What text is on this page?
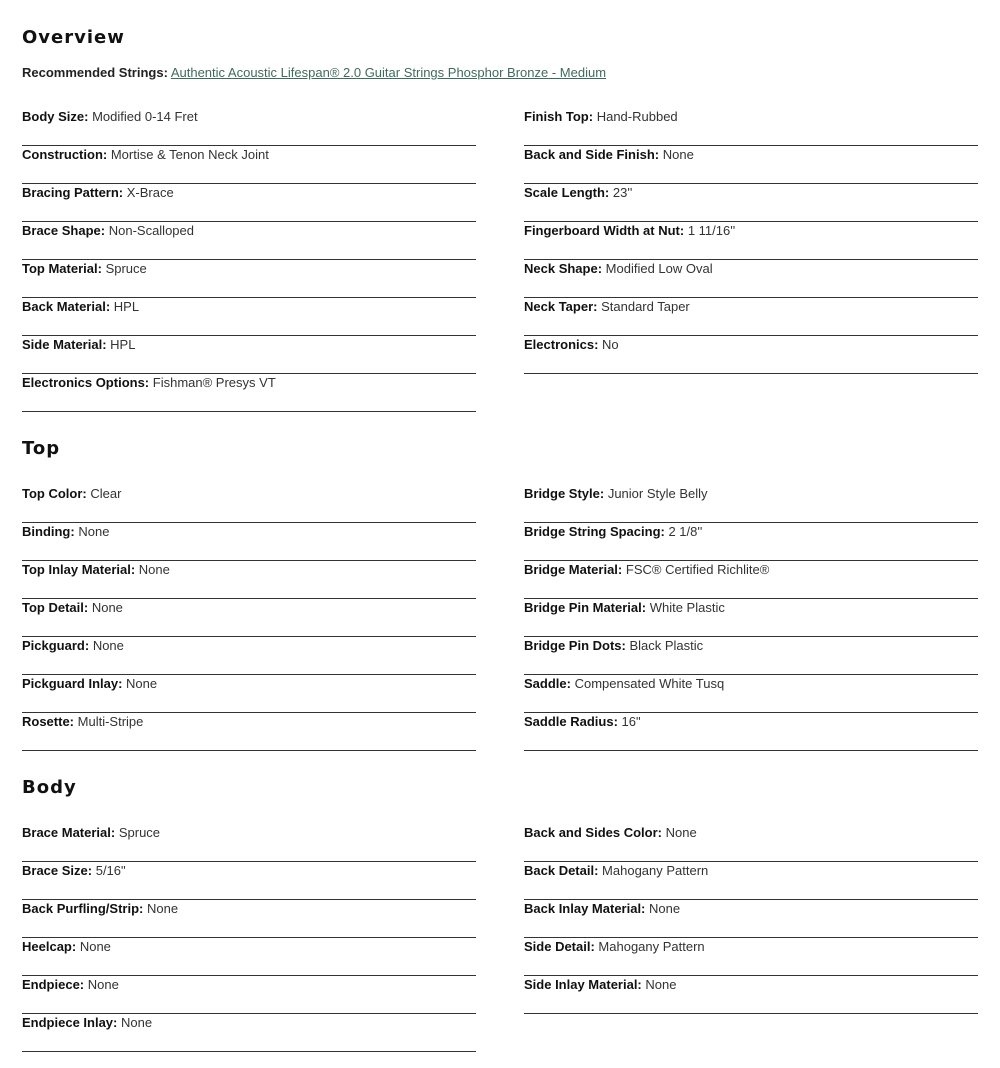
Overview
Recommended Strings: Authentic Acoustic Lifespan® 2.0 Guitar Strings Phosphor Bronze - Medium
Body Size: Modified 0-14 Fret
Construction: Mortise & Tenon Neck Joint
Bracing Pattern: X-Brace
Brace Shape: Non-Scalloped
Top Material: Spruce
Back Material: HPL
Side Material: HPL
Electronics Options: Fishman® Presys VT
Finish Top: Hand-Rubbed
Back and Side Finish: None
Scale Length: 23''
Fingerboard Width at Nut: 1 11/16''
Neck Shape: Modified Low Oval
Neck Taper: Standard Taper
Electronics: No
Top
Top Color: Clear
Binding: None
Top Inlay Material: None
Top Detail: None
Pickguard: None
Pickguard Inlay: None
Rosette: Multi-Stripe
Bridge Style: Junior Style Belly
Bridge String Spacing: 2 1/8''
Bridge Material: FSC® Certified Richlite®
Bridge Pin Material: White Plastic
Bridge Pin Dots: Black Plastic
Saddle: Compensated White Tusq
Saddle Radius: 16"
Body
Brace Material: Spruce
Brace Size: 5/16"
Back Purfling/Strip: None
Heelcap: None
Endpiece: None
Endpiece Inlay: None
Back and Sides Color: None
Back Detail: Mahogany Pattern
Back Inlay Material: None
Side Detail: Mahogany Pattern
Side Inlay Material: None
